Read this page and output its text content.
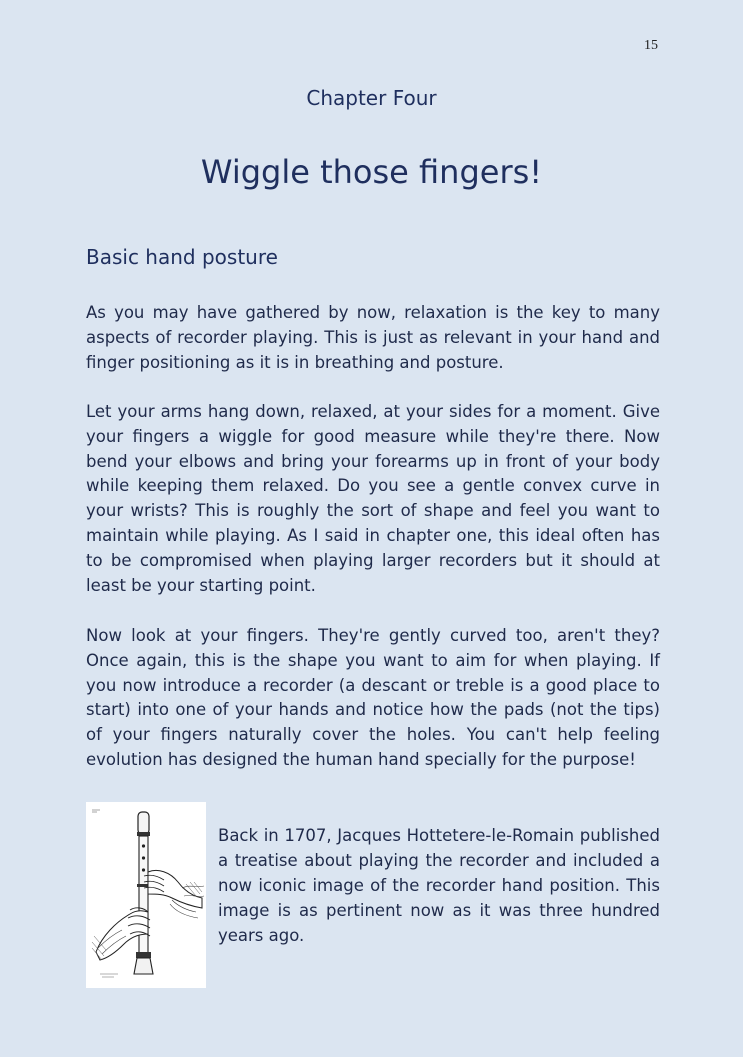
15
Chapter Four
Wiggle those fingers!
Basic hand posture

As you may have gathered by now, relaxation is the key to many aspects of recorder playing. This is just as relevant in your hand and finger positioning as it is in breathing and posture.

Let your arms hang down, relaxed, at your sides for a moment. Give your fingers a wiggle for good measure while they're there. Now bend your elbows and bring your forearms up in front of your body while keeping them relaxed. Do you see a gentle convex curve in your wrists? This is roughly the sort of shape and feel you want to maintain while playing. As I said in chapter one, this ideal often has to be compromised when playing larger recorders but it should at least be your starting point.

Now look at your fingers. They're gently curved too, aren't they? Once again, this is the shape you want to aim for when playing. If you now introduce a recorder (a descant or treble is a good place to start) into one of your hands and notice how the pads (not the tips) of your fingers naturally cover the holes. You can't help feeling evolution has designed the human hand specially for the purpose!

Back in 1707, Jacques Hottetere-le-Romain published a treatise about playing the recorder and included a now iconic image of the recorder hand position. This image is as pertinent now as it was three hundred years ago.
